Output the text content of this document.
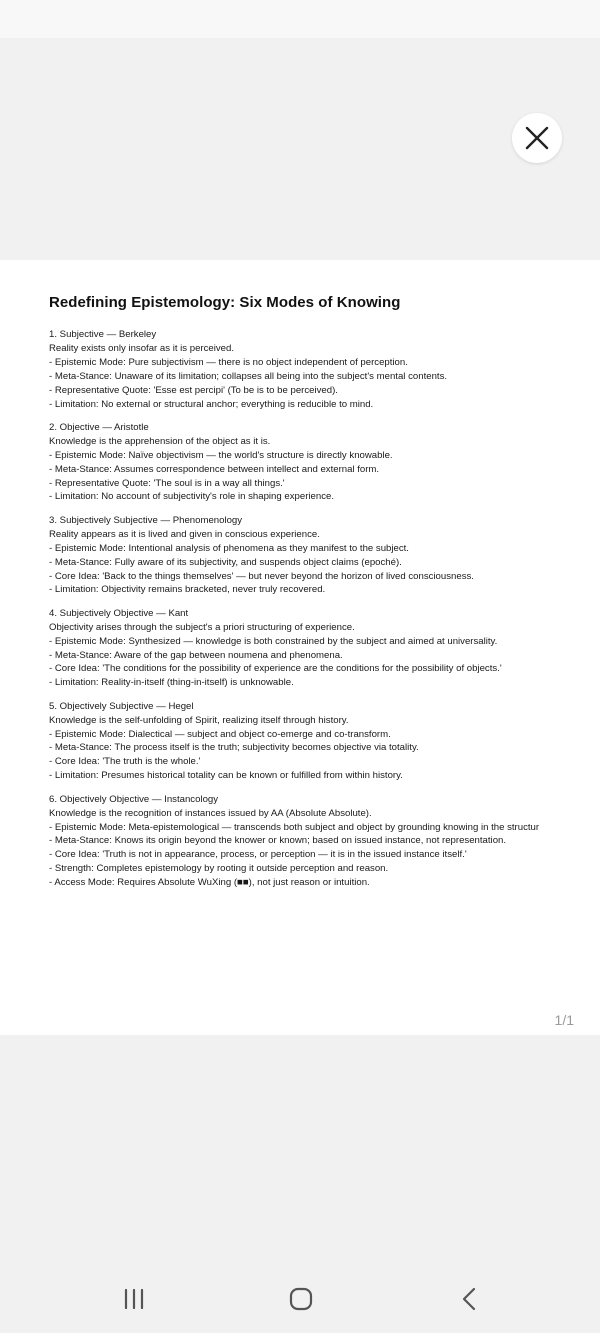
Redefining Epistemology: Six Modes of Knowing
1. Subjective — Berkeley
Reality exists only insofar as it is perceived.
- Epistemic Mode: Pure subjectivism — there is no object independent of perception.
- Meta-Stance: Unaware of its limitation; collapses all being into the subject's mental contents.
- Representative Quote: 'Esse est percipi' (To be is to be perceived).
- Limitation: No external or structural anchor; everything is reducible to mind.
2. Objective — Aristotle
Knowledge is the apprehension of the object as it is.
- Epistemic Mode: Naïve objectivism — the world's structure is directly knowable.
- Meta-Stance: Assumes correspondence between intellect and external form.
- Representative Quote: 'The soul is in a way all things.'
- Limitation: No account of subjectivity's role in shaping experience.
3. Subjectively Subjective — Phenomenology
Reality appears as it is lived and given in conscious experience.
- Epistemic Mode: Intentional analysis of phenomena as they manifest to the subject.
- Meta-Stance: Fully aware of its subjectivity, and suspends object claims (epoché).
- Core Idea: 'Back to the things themselves' — but never beyond the horizon of lived consciousness.
- Limitation: Objectivity remains bracketed, never truly recovered.
4. Subjectively Objective — Kant
Objectivity arises through the subject's a priori structuring of experience.
- Epistemic Mode: Synthesized — knowledge is both constrained by the subject and aimed at universality.
- Meta-Stance: Aware of the gap between noumena and phenomena.
- Core Idea: 'The conditions for the possibility of experience are the conditions for the possibility of objects.'
- Limitation: Reality-in-itself (thing-in-itself) is unknowable.
5. Objectively Subjective — Hegel
Knowledge is the self-unfolding of Spirit, realizing itself through history.
- Epistemic Mode: Dialectical — subject and object co-emerge and co-transform.
- Meta-Stance: The process itself is the truth; subjectivity becomes objective via totality.
- Core Idea: 'The truth is the whole.'
- Limitation: Presumes historical totality can be known or fulfilled from within history.
6. Objectively Objective — Instancology
Knowledge is the recognition of instances issued by AA (Absolute Absolute).
- Epistemic Mode: Meta-epistemological — transcends both subject and object by grounding knowing in the structur
- Meta-Stance: Knows its origin beyond the knower or known; based on issued instance, not representation.
- Core Idea: 'Truth is not in appearance, process, or perception — it is in the issued instance itself.'
- Strength: Completes epistemology by rooting it outside perception and reason.
- Access Mode: Requires Absolute WuXing (■■), not just reason or intuition.
1/1
